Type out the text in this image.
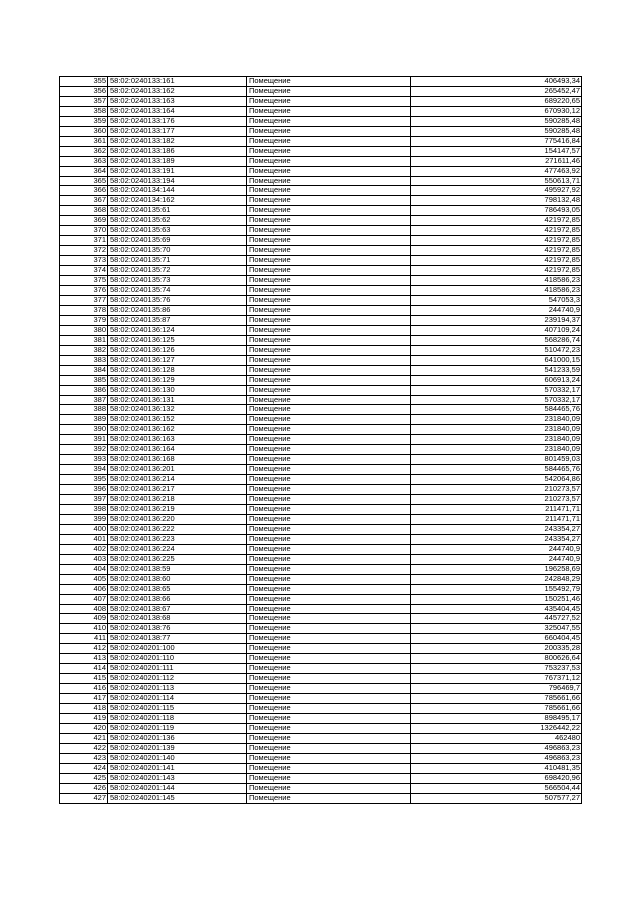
355	58:02:0240133:161	Помещение	406493,34
356	58:02:0240133:162	Помещение	265452,47
357	58:02:0240133:163	Помещение	689220,65
358	58:02:0240133:164	Помещение	670930,12
359	58:02:0240133:176	Помещение	590285,48
360	58:02:0240133:177	Помещение	590285,48
361	58:02:0240133:182	Помещение	775416,84
362	58:02:0240133:186	Помещение	154147,57
363	58:02:0240133:189	Помещение	271611,46
364	58:02:0240133:191	Помещение	477463,92
365	58:02:0240133:194	Помещение	550613,71
366	58:02:0240134:144	Помещение	495927,92
367	58:02:0240134:162	Помещение	798132,48
368	58:02:0240135:61	Помещение	786493,05
369	58:02:0240135:62	Помещение	421972,85
370	58:02:0240135:63	Помещение	421972,85
371	58:02:0240135:69	Помещение	421972,85
372	58:02:0240135:70	Помещение	421972,85
373	58:02:0240135:71	Помещение	421972,85
374	58:02:0240135:72	Помещение	421972,85
375	58:02:0240135:73	Помещение	418586,23
376	58:02:0240135:74	Помещение	418586,23
377	58:02:0240135:76	Помещение	547053,3
378	58:02:0240135:86	Помещение	244740,9
379	58:02:0240135:87	Помещение	239194,37
380	58:02:0240136:124	Помещение	407109,24
381	58:02:0240136:125	Помещение	568286,74
382	58:02:0240136:126	Помещение	510472,23
383	58:02:0240136:127	Помещение	641000,15
384	58:02:0240136:128	Помещение	541233,59
385	58:02:0240136:129	Помещение	606913,24
386	58:02:0240136:130	Помещение	570332,17
387	58:02:0240136:131	Помещение	570332,17
388	58:02:0240136:132	Помещение	584465,76
389	58:02:0240136:152	Помещение	231840,09
390	58:02:0240136:162	Помещение	231840,09
391	58:02:0240136:163	Помещение	231840,09
392	58:02:0240136:164	Помещение	231840,09
393	58:02:0240136:168	Помещение	801459,03
394	58:02:0240136:201	Помещение	584465,76
395	58:02:0240136:214	Помещение	542064,86
396	58:02:0240136:217	Помещение	210273,57
397	58:02:0240136:218	Помещение	210273,57
398	58:02:0240136:219	Помещение	211471,71
399	58:02:0240136:220	Помещение	211471,71
400	58:02:0240136:222	Помещение	243354,27
401	58:02:0240136:223	Помещение	243354,27
402	58:02:0240136:224	Помещение	244740,9
403	58:02:0240136:225	Помещение	244740,9
404	58:02:0240138:59	Помещение	196258,69
405	58:02:0240138:60	Помещение	242848,29
406	58:02:0240138:65	Помещение	155492,79
407	58:02:0240138:66	Помещение	150251,46
408	58:02:0240138:67	Помещение	435404,45
409	58:02:0240138:68	Помещение	445727,52
410	58:02:0240138:76	Помещение	325047,55
411	58:02:0240138:77	Помещение	660404,45
412	58:02:0240201:100	Помещение	200335,28
413	58:02:0240201:110	Помещение	800626,64
414	58:02:0240201:111	Помещение	753237,53
415	58:02:0240201:112	Помещение	767371,12
416	58:02:0240201:113	Помещение	796469,7
417	58:02:0240201:114	Помещение	785661,66
418	58:02:0240201:115	Помещение	785661,66
419	58:02:0240201:118	Помещение	898495,17
420	58:02:0240201:119	Помещение	1326442,22
421	58:02:0240201:136	Помещение	462480
422	58:02:0240201:139	Помещение	496863,23
423	58:02:0240201:140	Помещение	496863,23
424	58:02:0240201:141	Помещение	410481,35
425	58:02:0240201:143	Помещение	698420,96
426	58:02:0240201:144	Помещение	566504,44
427	58:02:0240201:145	Помещение	507577,27
